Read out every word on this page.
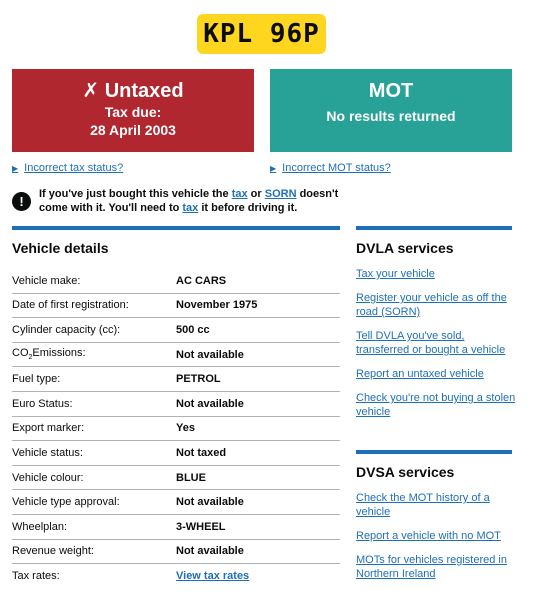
KPL 96P
✗ Untaxed
Tax due:
28 April 2003
MOT
No results returned
▶ Incorrect tax status?	▶ Incorrect MOT status?
!	If you've just bought this vehicle the tax or SORN doesn't come with it. You'll need to tax it before driving it.
Vehicle details
Vehicle make:	AC CARS
Date of first registration:	November 1975
Cylinder capacity (cc):	500 cc
$CO_2Emissions$:	Not available
Fuel type:	PETROL
Euro Status:	Not available
Export marker:	Yes
Vehicle status:	Not taxed
Vehicle colour:	BLUE
Vehicle type approval:	Not available
Wheelplan:	3-WHEEL
Revenue weight:	Not available
Tax rates:	View tax rates
DVLA services
Tax your vehicle
Register your vehicle as off the road (SORN)
Tell DVLA you've sold, transferred or bought a vehicle
Report an untaxed vehicle
Check you're not buying a stolen vehicle
DVSA services
Check the MOT history of a vehicle
Report a vehicle with no MOT
MOTs for vehicles registered in Northern Ireland
